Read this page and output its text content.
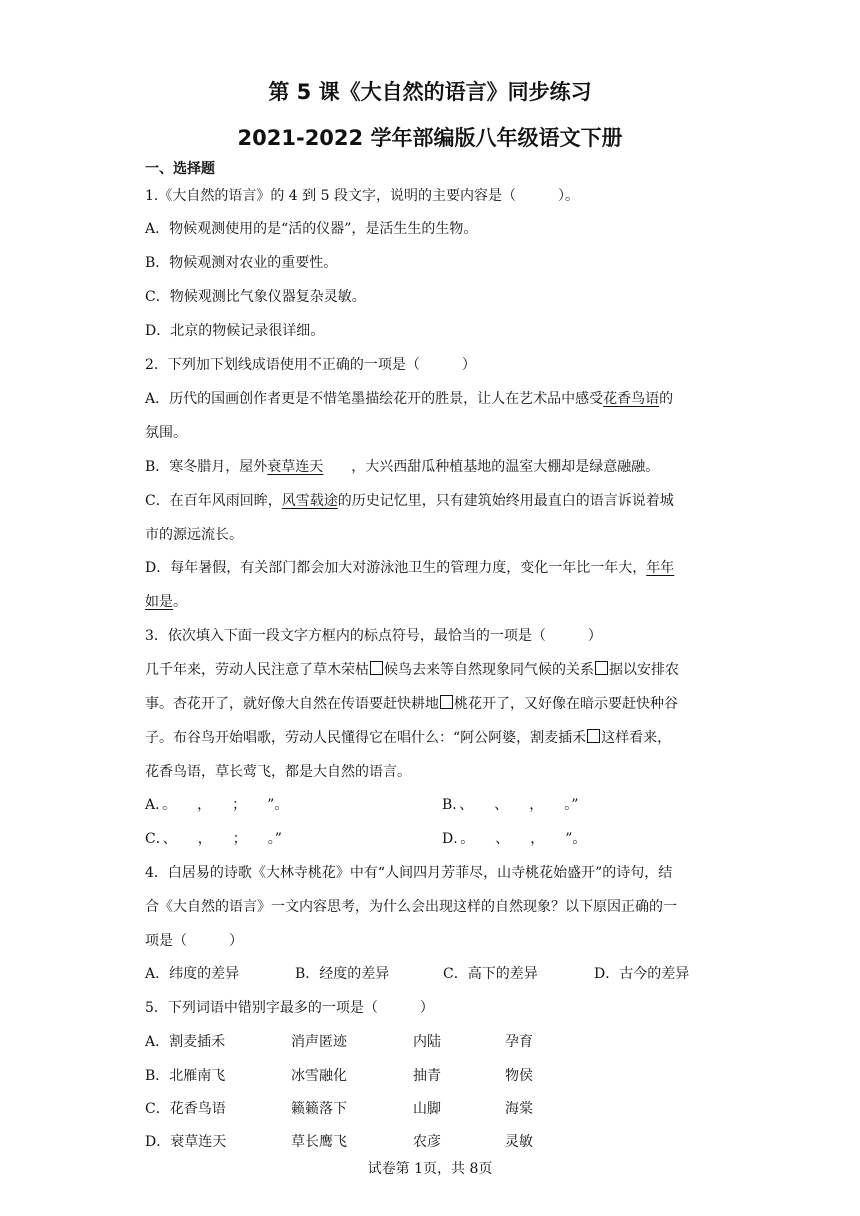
第 5 课《大自然的语言》同步练习
2021-2022 学年部编版八年级语文下册
一、选择题
1.《大自然的语言》的 4 到 5 段文字，说明的主要内容是（　　　）。
A．物候观测使用的是“活的仪器”，是活生生的生物。
B．物候观测对农业的重要性。
C．物候观测比气象仪器复杂灵敏。
D．北京的物候记录很详细。
2．下列加下划线成语使用不正确的一项是（　　　）
A．历代的国画创作者更是不惜笔墨描绘花开的胜景，让人在艺术品中感受花香鸟语的
氛围。
B．寒冬腊月，屋外衰草连天　　，大兴西甜瓜种植基地的温室大棚却是绿意融融。
C．在百年风雨回眸，风雪载途的历史记忆里，只有建筑始终用最直白的语言诉说着城
市的源远流长。
D．每年暑假，有关部门都会加大对游泳池卫生的管理力度，变化一年比一年大，年年
如是。
3．依次填入下面一段文字方框内的标点符号，最恰当的一项是（　　　）
几千年来，劳动人民注意了草木荣枯 候鸟去来等自然现象同气候的关系 据以安排农
事。杏花开了，就好像大自然在传语要赶快耕地 桃花开了，又好像在暗示要赶快种谷
子。布谷鸟开始唱歌，劳动人民懂得它在唱什么：“阿公阿婆，割麦插禾 这样看来，
花香鸟语，草长莺飞，都是大自然的语言。
A．。　　，　　；　　”。	B．、　　、　　，　　。”
C．、　　，　　；　　。”	D．。　　、　　，　　”。
4．白居易的诗歌《大林寺桃花》中有“人间四月芳菲尽，山寺桃花始盛开”的诗句，结
合《大自然的语言》一文内容思考，为什么会出现这样的自然现象？以下原因正确的一
项是（　　　）
A．纬度的差异	B．经度的差异	C．高下的差异	D．古今的差异
5．下列词语中错别字最多的一项是（　　　）
A．割麦插禾	消声匿迹	内陆	孕育
B．北雁南飞	冰雪融化	抽青	物侯
C．花香鸟语	籁籁落下	山脚	海棠
D．衰草连天	草长鹰飞	农彦	灵敏
试卷第 1页，共 8页
